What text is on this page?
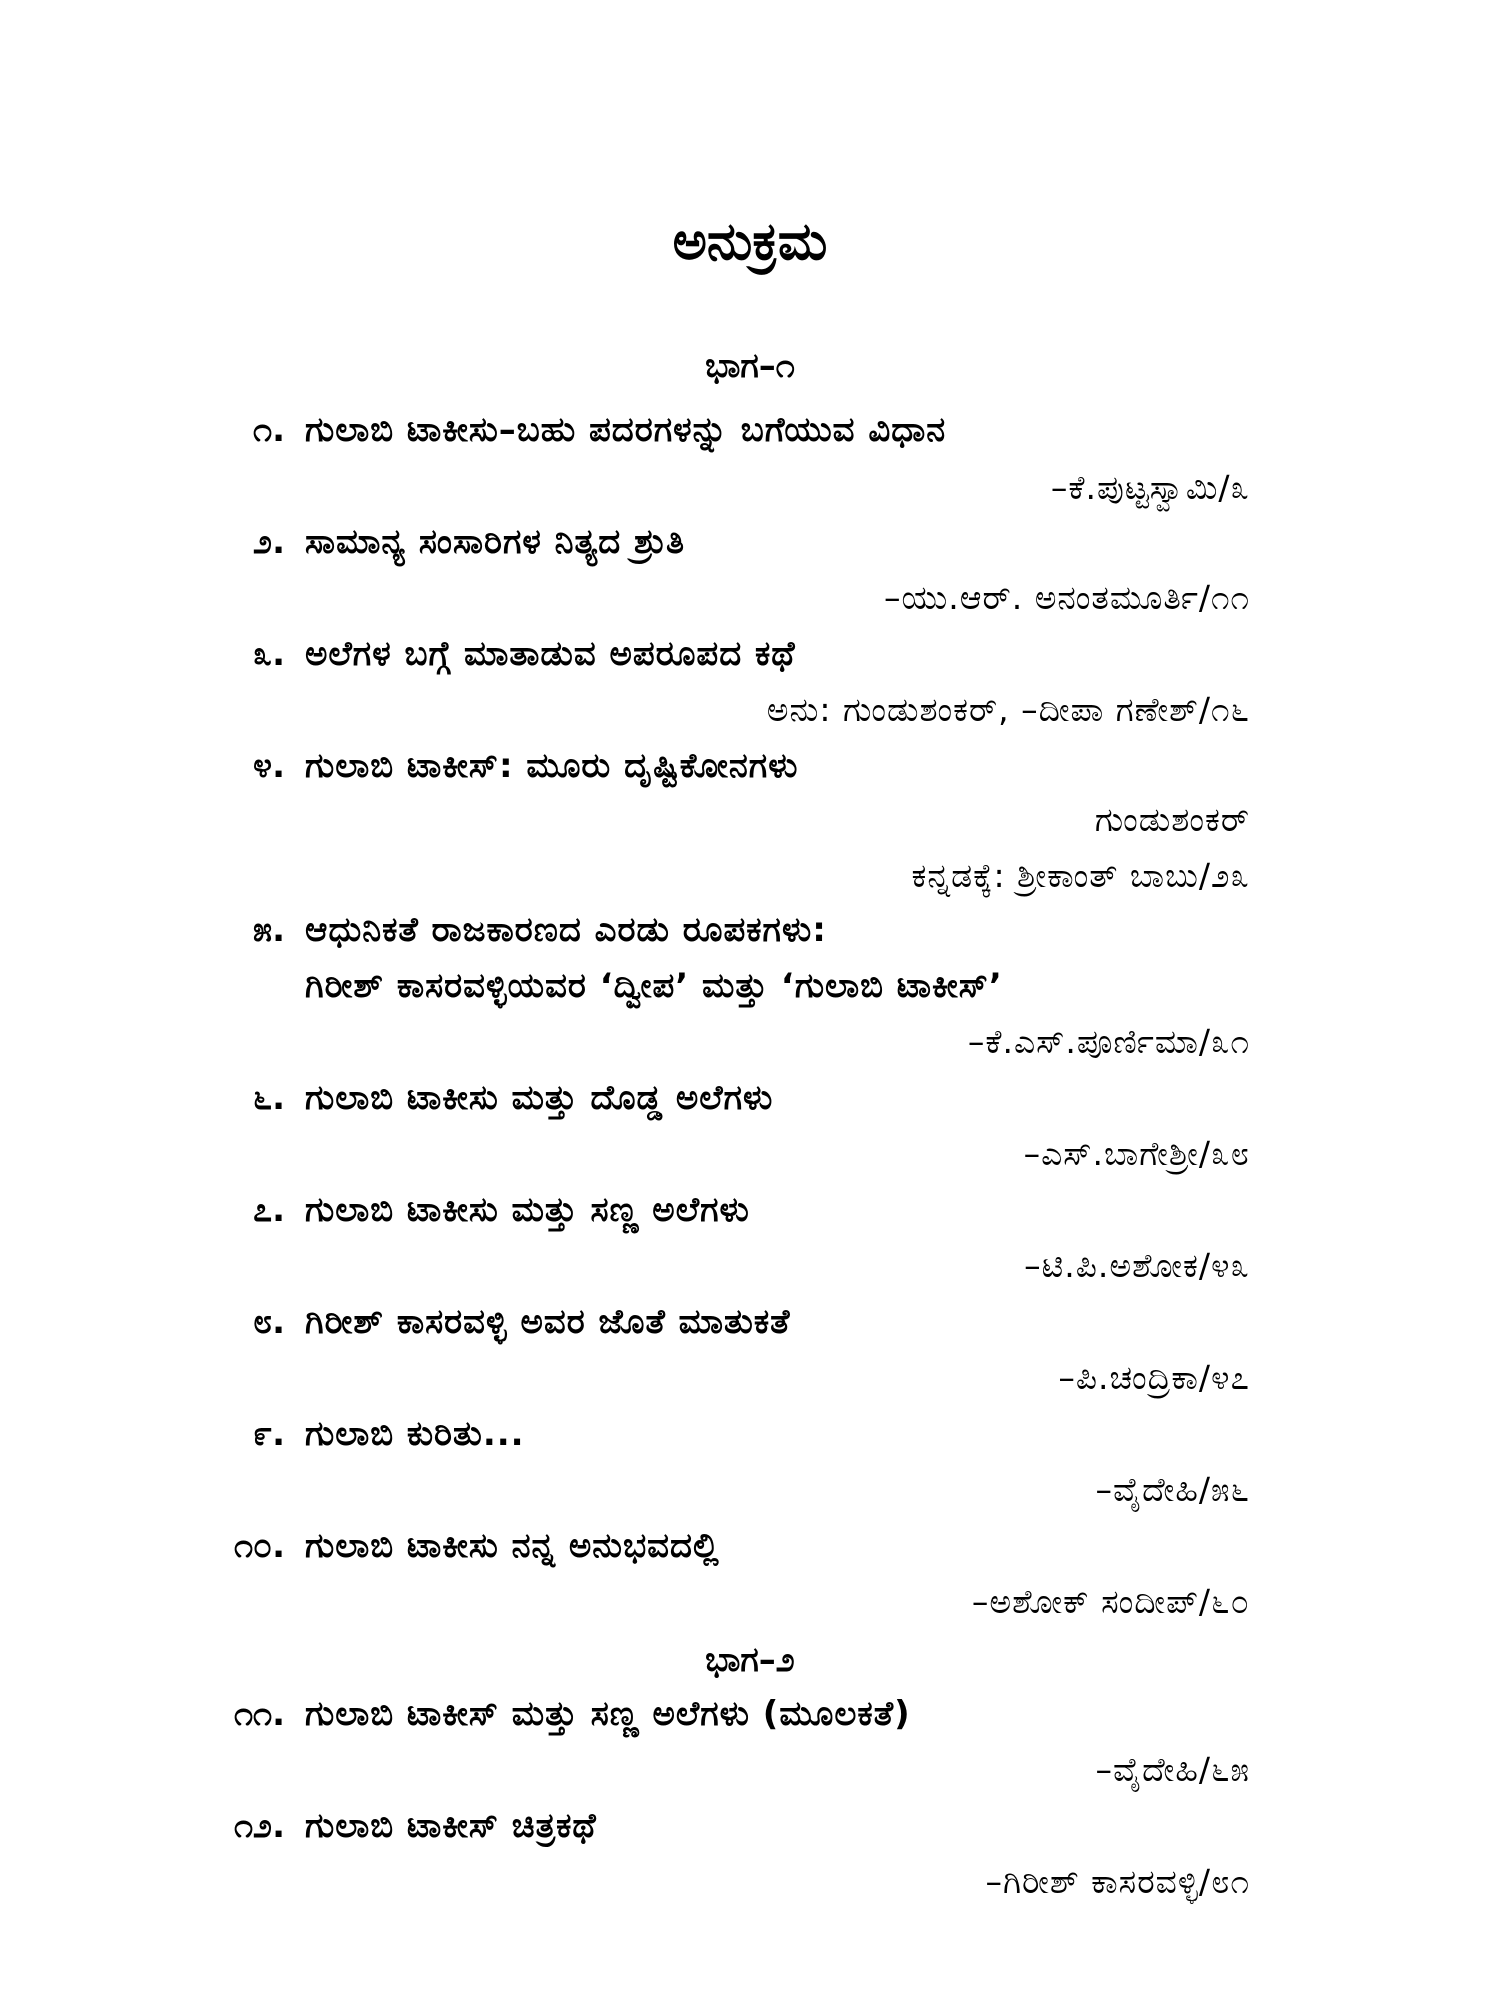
ಅನುಕ್ರಮ
ಭಾಗ–೧
೧. ಗುಲಾಬಿ ಟಾಕೀಸು–ಬಹು ಪದರಗಳನ್ನು ಬಗೆಯುವ ವಿಧಾನ
–ಕೆ.ಪುಟ್ಟಸ್ವಾಮಿ/೩
೨. ಸಾಮಾನ್ಯ ಸಂಸಾರಿಗಳ ನಿತ್ಯದ ಶ್ರುತಿ
–ಯು.ಆರ್. ಅನಂತಮೂರ್ತಿ/೧೧
೩. ಅಲೆಗಳ ಬಗ್ಗೆ ಮಾತಾಡುವ ಅಪರೂಪದ ಕಥೆ
ಅನು: ಗುಂಡುಶಂಕರ್, –ದೀಪಾ ಗಣೇಶ್/೧೬
೪. ಗುಲಾಬಿ ಟಾಕೀಸ್: ಮೂರು ದೃಷ್ಟಿಕೋನಗಳು
ಗುಂಡುಶಂಕರ್
ಕನ್ನಡಕ್ಕೆ: ಶ್ರೀಕಾಂತ್ ಬಾಬು/೨೩
೫. ಆಧುನಿಕತೆ ರಾಜಕಾರಣದ ಎರಡು ರೂಪಕಗಳು:
ಗಿರೀಶ್ ಕಾಸರವಳ್ಳಿಯವರ ‘ದ್ವೀಪ’ ಮತ್ತು ‘ಗುಲಾಬಿ ಟಾಕೀಸ್’
–ಕೆ.ಎಸ್.ಪೂರ್ಣಿಮಾ/೩೧
೬. ಗುಲಾಬಿ ಟಾಕೀಸು ಮತ್ತು ದೊಡ್ಡ ಅಲೆಗಳು
–ಎಸ್.ಬಾಗೇಶ್ರೀ/೩೮
೭. ಗುಲಾಬಿ ಟಾಕೀಸು ಮತ್ತು ಸಣ್ಣ ಅಲೆಗಳು
–ಟಿ.ಪಿ.ಅಶೋಕ/೪೩
೮. ಗಿರೀಶ್ ಕಾಸರವಳ್ಳಿ ಅವರ ಜೊತೆ ಮಾತುಕತೆ
–ಪಿ.ಚಂದ್ರಿಕಾ/೪೭
೯. ಗುಲಾಬಿ ಕುರಿತು...
–ವೈದೇಹಿ/೫೬
೧೦. ಗುಲಾಬಿ ಟಾಕೀಸು ನನ್ನ ಅನುಭವದಲ್ಲಿ
–ಅಶೋಕ್ ಸಂದೀಪ್/೬೦
ಭಾಗ–೨
೧೧. ಗುಲಾಬಿ ಟಾಕೀಸ್ ಮತ್ತು ಸಣ್ಣ ಅಲೆಗಳು (ಮೂಲಕತೆ)
–ವೈದೇಹಿ/೬೫
೧೨. ಗುಲಾಬಿ ಟಾಕೀಸ್ ಚಿತ್ರಕಥೆ
–ಗಿರೀಶ್ ಕಾಸರವಳ್ಳಿ/೮೧
